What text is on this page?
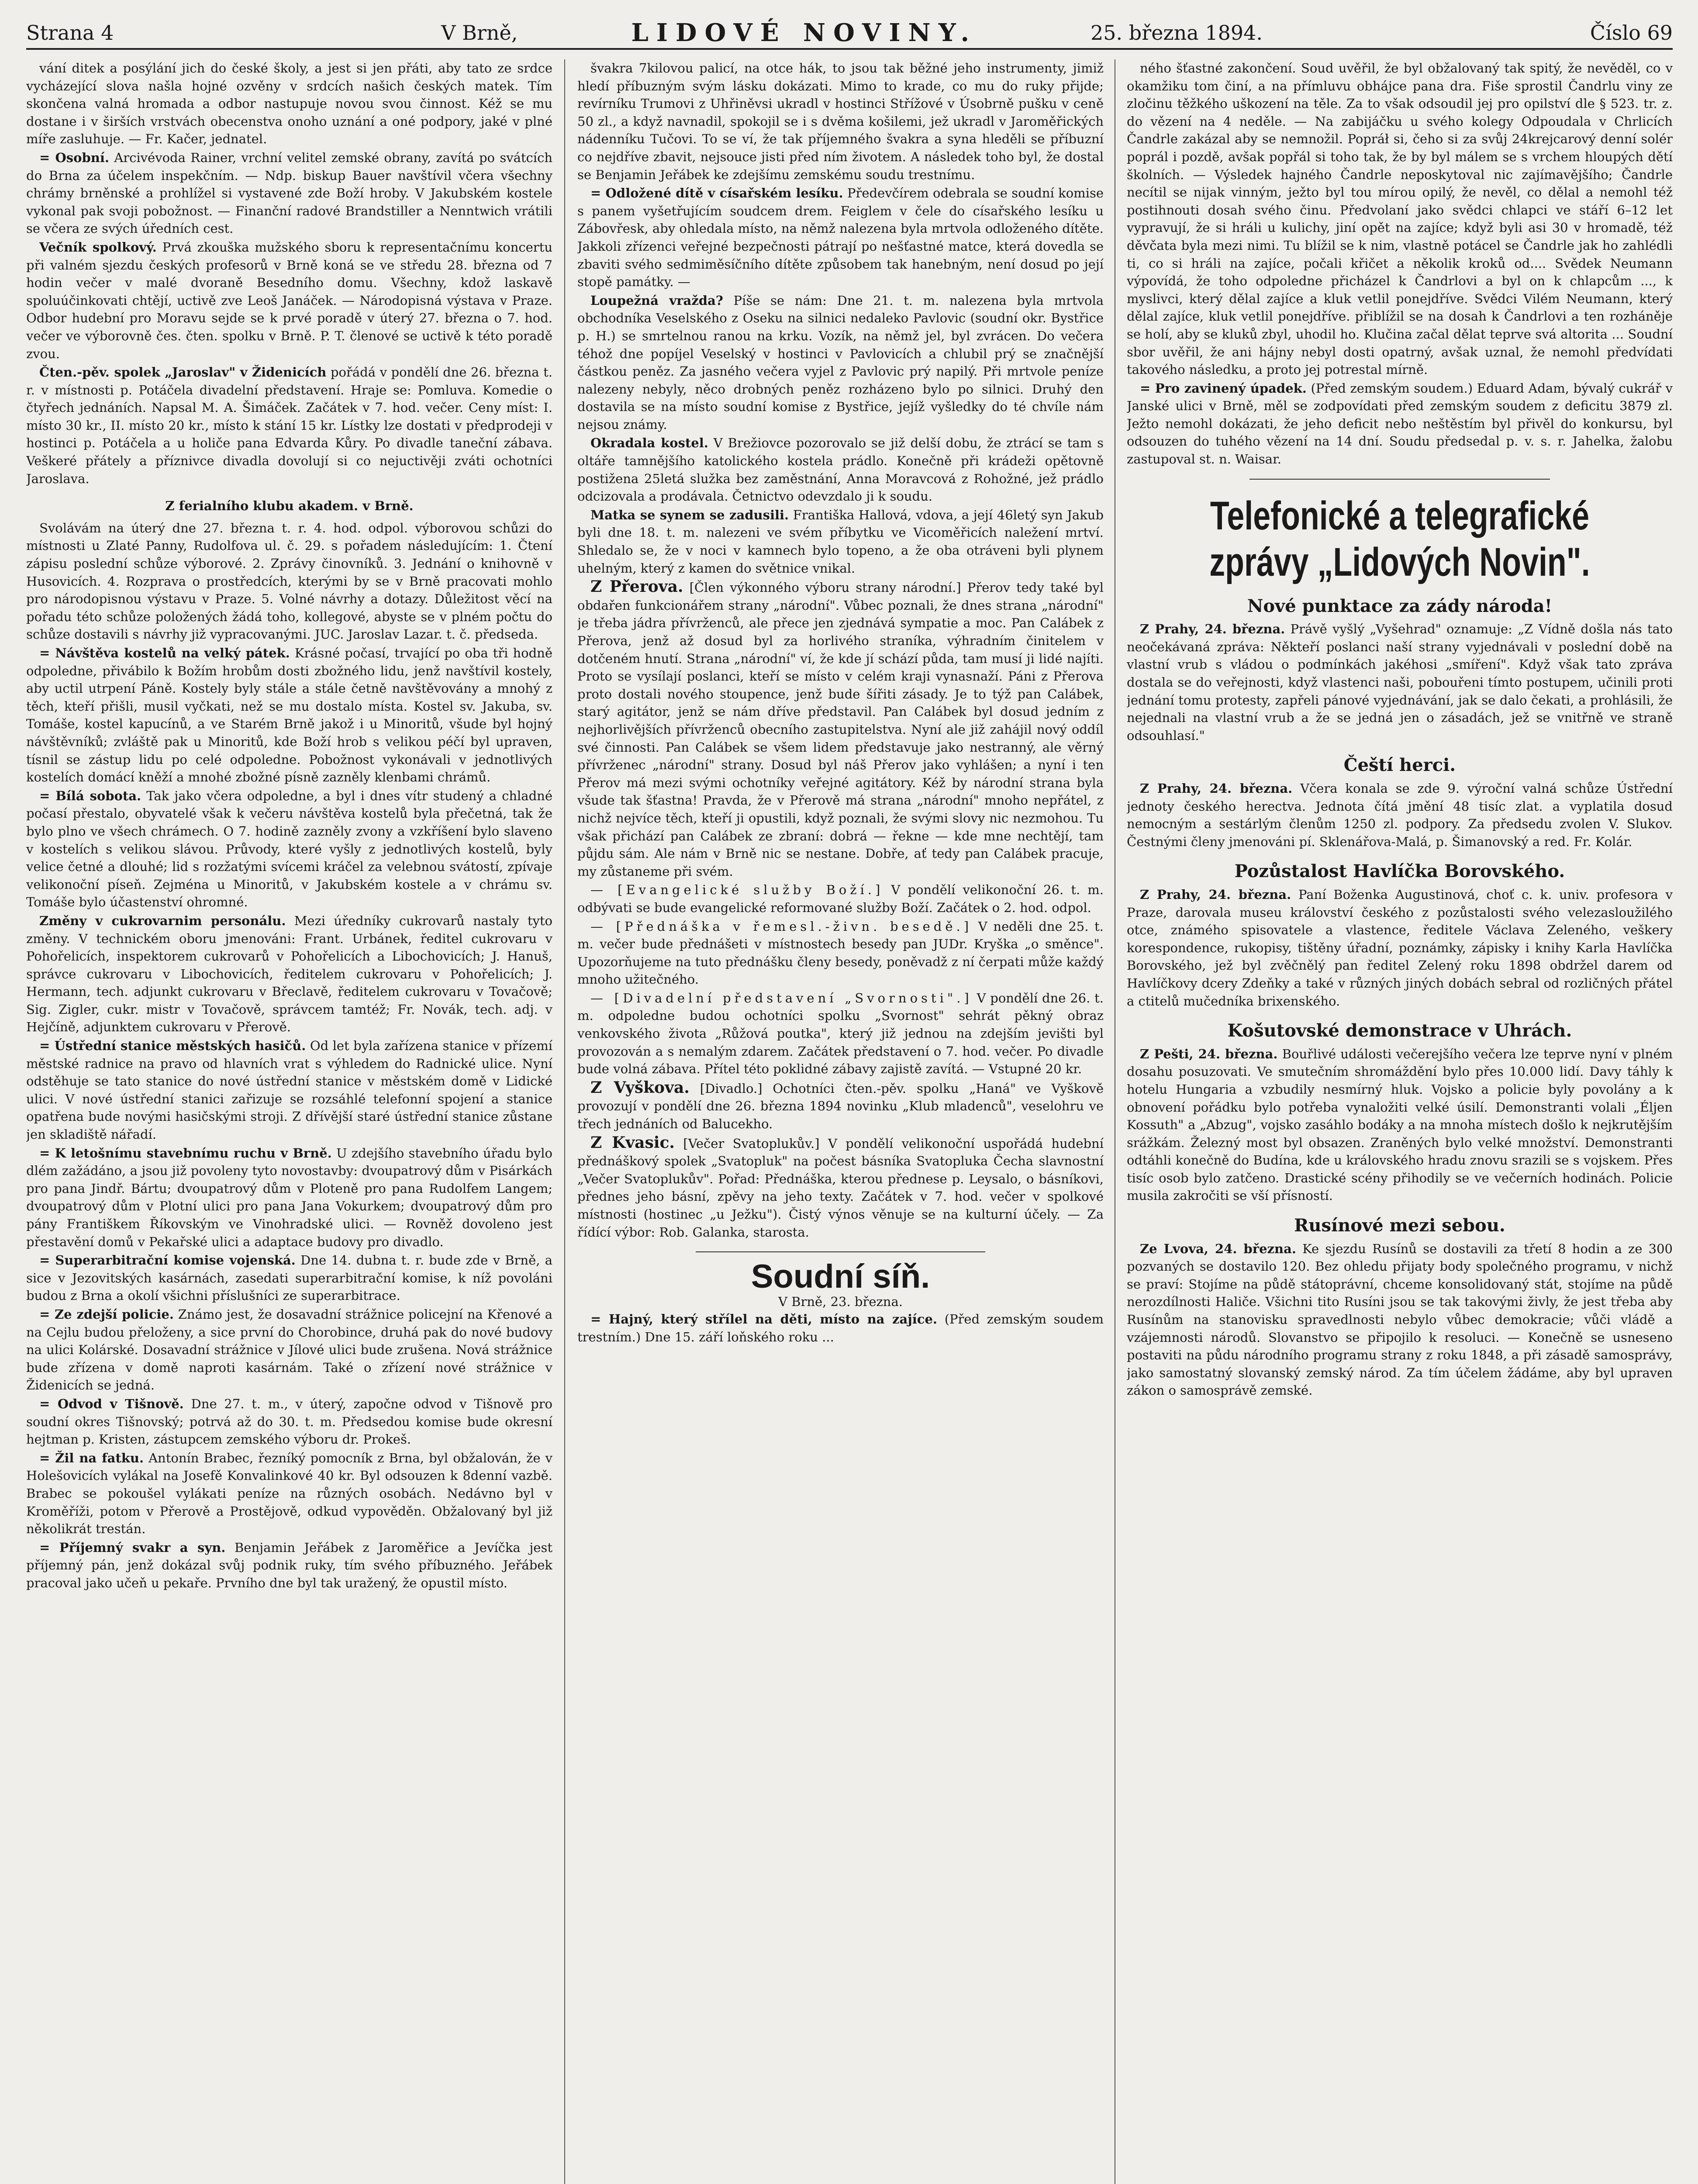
Strana 4	V Brně,	LIDOVÉ NOVINY.	25. března 1894.	Číslo 69

vání ditek a posýlání jich do české školy, a jest si jen přáti, aby tato ze srdce vycházející slova našla hojné ozvěny v srdcích našich českých matek. Tím skončena valná hromada a odbor nastupuje novou svou činnost. Kéž se mu dostane i v širších vrstvách obecenstva onoho uznání a oné podpory, jaké v plné míře zasluhuje. — Fr. Kačer, jednatel.

= Osobní. Arcivévoda Rainer, vrchní velitel zemské obrany, zavítá po svátcích do Brna za účelem inspekčním. — Ndp. biskup Bauer navštívil včera všechny chrámy brněnské a prohlížel si vystavené zde Boží hroby. V Jakubském kostele vykonal pak svoji pobožnost. — Finanční radové Brandstiller a Nenntwich vrátili se včera ze svých úředních cest.

Večník spolkový. Prvá zkouška mužského sboru k representačnímu koncertu při valném sjezdu českých profesorů v Brně koná se ve středu 28. března od 7 hodin večer v malé dvoraně Besedního domu. Všechny, kdož laskavě spoluúčinkovati chtějí, uctivě zve Leoš Janáček. — Národopisná výstava v Praze. Odbor hudební pro Moravu sejde se k prvé poradě v úterý 27. března o 7. hod. večer ve výborovně čes. čten. spolku v Brně. P. T. členové se uctivě k této poradě zvou.

Čten.-pěv. spolek „Jaroslav" v Židenicích pořádá v pondělí dne 26. března t. r. v místnosti p. Potáčela divadelní představení. Hraje se: Pomluva. Komedie o čtyřech jednáních. Napsal M. A. Šimáček. Začátek v 7. hod. večer. Ceny míst: I. místo 30 kr., II. místo 20 kr., místo k stání 15 kr. Lístky lze dostati v předprodeji v hostinci p. Potáčela a u holiče pana Edvarda Kůry. Po divadle taneční zábava. Veškeré přátely a příznivce divadla dovolují si co nejuctivěji zváti ochotníci Jaroslava.

Z ferialního klubu akadem. v Brně.

Svolávám na úterý dne 27. března t. r. 4. hod. odpol. výborovou schůzi do místnosti u Zlaté Panny, Rudolfova ul. č. 29. s pořadem následujícím: 1. Čtení zápisu poslední schůze výborové. 2. Zprávy činovníků. 3. Jednání o knihovně v Husovicích. 4. Rozprava o prostředcích, kterými by se v Brně pracovati mohlo pro národopisnou výstavu v Praze. 5. Volné návrhy a dotazy. Důležitost věcí na pořadu této schůze položených žádá toho, kollegové, abyste se v plném počtu do schůze dostavili s návrhy již vypracovanými. JUC. Jaroslav Lazar. t. č. předseda.

= Návštěva kostelů na velký pátek. Krásné počasí, trvající po oba tři hodně odpoledne, přivábilo k Božím hrobům dosti zbožného lidu, jenž navštívil kostely, aby uctil utrpení Páně. Kostely byly stále a stále četně navštěvovány a mnohý z těch, kteří přišli, musil vyčkati, než se mu dostalo místa. Kostel sv. Jakuba, sv. Tomáše, kostel kapucínů, a ve Starém Brně jakož i u Minoritů, všude byl hojný návštěvníků; zvláště pak u Minoritů, kde Boží hrob s velikou péčí byl upraven, tísnil se zástup lidu po celé odpoledne. Pobožnost vykonávali v jednotlivých kostelích domácí kněží a mnohé zbožné písně zazněly klenbami chrámů.

= Bílá sobota. Tak jako včera odpoledne, a byl i dnes vítr studený a chladné počasí přestalo, obyvatelé však k večeru návštěva kostelů byla přečetná, tak že bylo plno ve všech chrámech. O 7. hodině zazněly zvony a vzkříšení bylo slaveno v kostelích s velikou slávou. Průvody, které vyšly z jednotlivých kostelů, byly velice četné a dlouhé; lid s rozžatými svícemi kráčel za velebnou svátostí, zpívaje velikonoční píseň. Zejména u Minoritů, v Jakubském kostele a v chrámu sv. Tomáše bylo účastenství ohromné.

Změny v cukrovarnim personálu. Mezi úředníky cukrovarů nastaly tyto změny. V technickém oboru jmenováni: Frant. Urbánek, ředitel cukrovaru v Pohořelicích, inspektorem cukrovarů v Pohořelicích a Libochovicích; J. Hanuš, správce cukrovaru v Libochovicích, ředitelem cukrovaru v Pohořelicích; J. Hermann, tech. adjunkt cukrovaru v Břeclavě, ředitelem cukrovaru v Tovačově; Sig. Zigler, cukr. mistr v Tovačově, správcem tamtéž; Fr. Novák, tech. adj. v Hejčíně, adjunktem cukrovaru v Přerově.

= Ústřední stanice městských hasičů. Od let byla zařízena stanice v přízemí městské radnice na pravo od hlavních vrat s výhledem do Radnické ulice. Nyní odstěhuje se tato stanice do nové ústřední stanice v městském domě v Lidické ulici. V nové ústřední stanici zařizuje se rozsáhlé telefonní spojení a stanice opatřena bude novými hasičskými stroji. Z dřívější staré ústřední stanice zůstane jen skladiště nářadí.

= K letošnímu stavebnímu ruchu v Brně. U zdejšího stavebního úřadu bylo dlém zažádáno, a jsou již povoleny tyto novostavby: dvoupatrový dům v Pisárkách pro pana Jindř. Bártu; dvoupatrový dům v Ploteně pro pana Rudolfem Langem; dvoupatrový dům v Plotní ulici pro pana Jana Vokurkem; dvoupatrový dům pro pány Františkem Říkovským ve Vinohradské ulici. — Rovněž dovoleno jest přestavění domů v Pekařské ulici a adaptace budovy pro divadlo.

= Superarbitrační komise vojenská. Dne 14. dubna t. r. bude zde v Brně, a sice v Jezovitských kasárnách, zasedati superarbitrační komise, k níž povoláni budou z Brna a okolí všichni příslušníci ze superarbitrace.

= Ze zdejší policie. Známo jest, že dosavadní strážnice policejní na Křenové a na Cejlu budou přeloženy, a sice první do Chorobince, druhá pak do nové budovy na ulici Kolárské. Dosavadní strážnice v Jílové ulici bude zrušena. Nová strážnice bude zřízena v domě naproti kasárnám. Také o zřízení nové strážnice v Židenicích se jedná.

= Odvod v Tišnově. Dne 27. t. m., v úterý, započne odvod v Tišnově pro soudní okres Tišnovský; potrvá až do 30. t. m. Předsedou komise bude okresní hejtman p. Kristen, zástupcem zemského výboru dr. Prokeš.

= Žil na fatku. Antonín Brabec, řezníký pomocník z Brna, byl obžalován, že v Holešovicích vylákal na Josefě Konvalinkové 40 kr. Byl odsouzen k 8denní vazbě. Brabec se pokoušel vylákati peníze na různých osobách. Nedávno byl v Kroměříži, potom v Přerově a Prostějově, odkud vypověděn. Obžalovaný byl již několikrát trestán.

= Příjemný svakr a syn. Benjamin Jeřábek z Jaroměřice a Jevíčka jest příjemný pán, jenž dokázal svůj podnik ruky, tím svého příbuzného. Jeřábek pracoval jako učeň u pekaře. Prvního dne byl tak uražený, že opustil místo.

švakra 7kilovou palicí, na otce hák, to jsou tak běžné jeho instrumenty, jimiž hledí příbuzným svým lásku dokázati. Mimo to krade, co mu do ruky přijde; revírníku Trumovi z Uhřiněvsi ukradl v hostinci Střížové v Úsobrně pušku v ceně 50 zl., a když navnadil, spokojil se i s dvěma košilemi, jež ukradl v Jaroměřických nádenníku Tučovi. To se ví, že tak příjemného švakra a syna hleděli se příbuzní co nejdříve zbavit, nejsouce jisti před ním životem. A následek toho byl, že dostal se Benjamin Jeřábek ke zdejšímu zemskému soudu trestnímu.

= Odložené dítě v císařském lesíku. Předevčírem odebrala se soudní komise s panem vyšetřujícím soudcem drem. Feiglem v čele do císařského lesíku u Zábovřesk, aby ohledala místo, na němž nalezena byla mrtvola odloženého dítěte. Jakkoli zřízenci veřejné bezpečnosti pátrají po nešťastné matce, která dovedla se zbaviti svého sedmiměsíčního dítěte způsobem tak hanebným, není dosud po její stopě památky. —

Loupežná vražda? Píše se nám: Dne 21. t. m. nalezena byla mrtvola obchodníka Veselského z Oseku na silnici nedaleko Pavlovic (soudní okr. Bystřice p. H.) se smrtelnou ranou na krku. Vozík, na němž jel, byl zvrácen. Do večera téhož dne popíjel Veselský v hostinci v Pavlovicích a chlubil prý se značnější částkou peněz. Za jasného večera vyjel z Pavlovic prý napilý. Při mrtvole peníze nalezeny nebyly, něco drobných peněz rozházeno bylo po silnici. Druhý den dostavila se na místo soudní komise z Bystřice, jejíž vyšledky do té chvíle nám nejsou známy.

Okradala kostel. V Brežiovce pozorovalo se již delší dobu, že ztrácí se tam s oltáře tamnějšího katolického kostela prádlo. Konečně při krádeži opětovně postižena 25letá služka bez zaměstnání, Anna Moravcová z Rohožné, jež prádlo odcizovala a prodávala. Četnictvo odevzdalo ji k soudu.

Matka se synem se zadusili. Františka Hallová, vdova, a její 46letý syn Jakub byli dne 18. t. m. nalezeni ve svém příbytku ve Vicoměřicích naležení mrtví. Shledalo se, že v noci v kamnech bylo topeno, a že oba otráveni byli plynem uhelným, který z kamen do světnice vnikal.

Z Přerova. [Člen výkonného výboru strany národní.] Přerov tedy také byl obdařen funkcionářem strany „národní". Vůbec poznali, že dnes strana „národní" je třeba jádra přívrženců, ale přece jen zjednává sympatie a moc. Pan Calábek z Přerova, jenž až dosud byl za horlivého straníka, výhradním činitelem v dotčeném hnutí. Strana „národní" ví, že kde jí schází půda, tam musí ji lidé najíti. Proto se vysílají poslanci, kteří se místo v celém kraji vynasnaží. Páni z Přerova proto dostali nového stoupence, jenž bude šířiti zásady. Je to týž pan Calábek, starý agitátor, jenž se nám dříve představil. Pan Calábek byl dosud jedním z nejhorlivějších přívrženců obecního zastupitelstva. Nyní ale již zahájil nový oddíl své činnosti. Pan Calábek se všem lidem představuje jako nestranný, ale věrný přívrženec „národní" strany. Dosud byl náš Přerov jako vyhlášen; a nyní i ten Přerov má mezi svými ochotníky veřejné agitátory. Kéž by národní strana byla všude tak šťastna! Pravda, že v Přerově má strana „národní" mnoho nepřátel, z nichž nejvíce těch, kteří ji opustili, když poznali, že svými slovy nic nezmohou. Tu však přichází pan Calábek ze zbraní: dobrá — řekne — kde mne nechtějí, tam půjdu sám. Ale nám v Brně nic se nestane. Dobře, ať tedy pan Calábek pracuje, my zůstaneme při svém.

— [Evangelické služby Boží.] V pondělí velikonoční 26. t. m. odbývati se bude evangelické reformované služby Boží. Začátek o 2. hod. odpol.

— [Přednáška v řemesl.-živn. besedě.] V neděli dne 25. t. m. večer bude přednášeti v místnostech besedy pan JUDr. Kryška „o směnce". Upozorňujeme na tuto přednášku členy besedy, poněvadž z ní čerpati může každý mnoho užitečného.

— [Divadelní představení „Svornosti".] V pondělí dne 26. t. m. odpoledne budou ochotníci spolku „Svornost" sehrát pěkný obraz venkovského života „Růžová poutka", který již jednou na zdejším jevišti byl provozován a s nemalým zdarem. Začátek představení o 7. hod. večer. Po divadle bude volná zábava. Přítel této poklidné zábavy zajistě zavítá. — Vstupné 20 kr.

Z Vyškova. [Divadlo.] Ochotníci čten.-pěv. spolku „Haná" ve Vyškově provozují v pondělí dne 26. března 1894 novinku „Klub mladenců", veselohru ve třech jednáních od Balucekho.

Z Kvasic. [Večer Svatoplukův.] V pondělí velikonoční uspořádá hudební přednáškový spolek „Svatopluk" na počest básníka Svatopluka Čecha slavnostní „Večer Svatoplukův". Pořad: Přednáška, kterou přednese p. Leysalo, o básníkovi, přednes jeho básní, zpěvy na jeho texty. Začátek v 7. hod. večer v spolkové místnosti (hostinec „u Ježku"). Čistý výnos věnuje se na kulturní účely. — Za řídící výbor: Rob. Galanka, starosta.

Soudní síň.
V Brně, 23. března.

= Hajný, který střílel na děti, místo na zajíce. (Před zemským soudem trestním.) Dne 15. září loňského roku ...

ného šťastné zakončení. Soud uvěřil, že byl obžalovaný tak spitý, že nevěděl, co v okamžiku tom činí, a na přímluvu obhájce pana dra. Fiše sprostil Čandrlu viny ze zločinu těžkého uškození na těle. Za to však odsoudil jej pro opilství dle § 523. tr. z. do vězení na 4 neděle. — Na zabijáčku u svého kolegy Odpoudala v Chrlicích Čandrle zakázal aby se nemnožil. Popráł si, čeho si za svůj 24krejcarový denní solér poprál i pozdě, avšak popřál si toho tak, že by byl málem se s vrchem hloupých dětí školních. — Výsledek hajného Čandrle neposkytoval nic zajímavějšího; Čandrle necítil se nijak vinným, ježto byl tou mírou opilý, že nevěl, co dělal a nemohl též postihnouti dosah svého činu. Předvolaní jako svědci chlapci ve stáří 6–12 let vypravují, že si hráli u kulichy, jiní opět na zajíce; když byli asi 30 v hromadě, též děvčata byla mezi nimi. Tu blížil se k nim, vlastně potácel se Čandrle jak ho zahlédli ti, co si hráli na zajíce, počali křičet a několik kroků od.... Svědek Neumann výpovídá, že toho odpoledne přicházel k Čandrlovi a byl on k chlapcům ..., k myslivci, který dělal zajíce a kluk vetlil ponejdříve. Svědci Vilém Neumann, který dělal zajíce, kluk vetlil ponejdříve. přiblížil se na dosah k Čandrlovi a ten rozháněje se holí, aby se kluků zbyl, uhodil ho. Klučina začal dělat teprve svá altorita ... Soudní sbor uvěřil, že ani hájny nebyl dosti opatrný, avšak uznal, že nemohl předvídati takového následku, a proto jej potrestal mírně.

= Pro zavinený úpadek. (Před zemským soudem.) Eduard Adam, bývalý cukrář v Janské ulici v Brně, měl se zodpovídati před zemským soudem z deficitu 3879 zl. Ježto nemohl dokázati, že jeho deficit nebo neštěstím byl přivěl do konkursu, byl odsouzen do tuhého vězení na 14 dní. Soudu předsedal p. v. s. r. Jahelka, žalobu zastupoval st. n. Waisar.

Telefonické a telegrafické zprávy „Lidových Novin".
Nové punktace za zády národa!

Z Prahy, 24. března. Právě vyšlý „Vyšehrad" oznamuje: „Z Vídně došla nás tato neočekávaná zpráva: Někteří poslanci naší strany vyjednávali v poslední době na vlastní vrub s vládou o podmínkách jakéhosi „smíření". Když však tato zpráva dostala se do veřejnosti, když vlastenci naši, pobouřeni tímto postupem, učinili proti jednání tomu protesty, zapřeli pánové vyjednávání, jak se dalo čekati, a prohlásili, že nejednali na vlastní vrub a že se jedná jen o zásadách, jež se vnitřně ve straně odsouhlasí."

Čeští herci.

Z Prahy, 24. března. Včera konala se zde 9. výroční valná schůze Ústřední jednoty českého herectva. Jednota čítá jmění 48 tisíc zlat. a vyplatila dosud nemocným a sestárlým členům 1250 zl. podpory. Za předsedu zvolen V. Slukov. Čestnými členy jmenováni pí. Sklenářova-Malá, p. Šimanovský a red. Fr. Kolár.

Pozůstalost Havlíčka Borovského.

Z Prahy, 24. března. Paní Boženka Augustinová, choť c. k. univ. profesora v Praze, darovala museu království českého z pozůstalosti svého velezasloužilého otce, známého spisovatele a vlastence, ředitele Václava Zeleného, veškery korespondence, rukopisy, tištěny úřadní, poznámky, zápisky i knihy Karla Havlíčka Borovského, jež byl zvěčnělý pan ředitel Zelený roku 1898 obdržel darem od Havlíčkovy dcery Zdeňky a také v různých jiných dobách sebral od rozličných přátel a ctitelů mučedníka brixenského.

Košutovské demonstrace v Uhrách.

Z Pešti, 24. března. Bouřlivé události večerejšího večera lze teprve nyní v plném dosahu posuzovati. Ve smutečním shromáždění bylo přes 10.000 lidí. Davy táhly k hotelu Hungaria a vzbudily nesmírný hluk. Vojsko a policie byly povolány a k obnovení pořádku bylo potřeba vynaložiti velké úsilí. Demonstranti volali „Éljen Kossuth" a „Abzug", vojsko zasáhlo bodáky a na mnoha místech došlo k nejkrutějším srážkám. Železný most byl obsazen. Zraněných bylo velké množství. Demonstranti odtáhli konečně do Budína, kde u královského hradu znovu srazili se s vojskem. Přes tisíc osob bylo zatčeno. Drastické scény přihodily se ve večerních hodinách. Policie musila zakročiti se vší přísností.

Rusínové mezi sebou.

Ze Lvova, 24. března. Ke sjezdu Rusínů se dostavili za třetí 8 hodin a ze 300 pozvaných se dostavilo 120. Bez ohledu přijaty body společného programu, v nichž se praví: Stojíme na půdě státoprávní, chceme konsolidovaný stát, stojíme na půdě nerozdílnosti Haliče. Všichni tito Rusíni jsou se tak takovými živly, že jest třeba aby Rusínům na stanovisku spravedlnosti nebylo vůbec demokracie; vůči vládě a vzájemnosti národů. Slovanstvo se připojilo k resoluci. — Konečně se usneseno postaviti na půdu národního programu strany z roku 1848, a při zásadě samosprávy, jako samostatný slovanský zemský národ. Za tím účelem žádáme, aby byl upraven zákon o samosprávě zemské.
